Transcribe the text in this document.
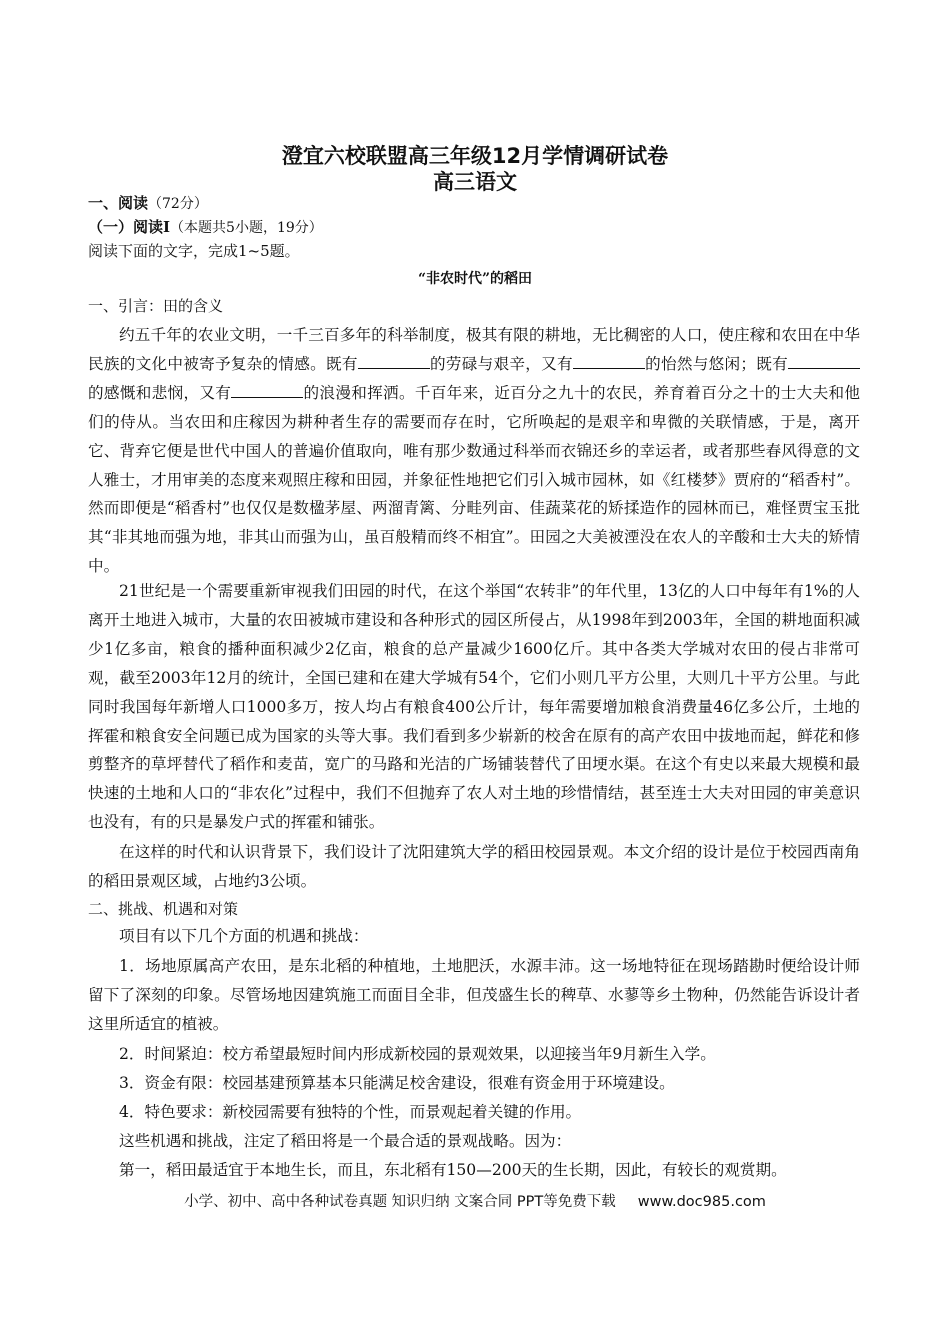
澄宜六校联盟高三年级12月学情调研试卷
高三语文
一、阅读（72分）
（一）阅读Ⅰ（本题共5小题，19分）
阅读下面的文字，完成1~5题。
“非农时代”的稻田
一、引言：田的含义
约五千年的农业文明，一千三百多年的科举制度，极其有限的耕地，无比稠密的人口，使庄稼和农田在中华民族的文化中被寄予复杂的情感。既有	的劳碌与艰辛，又有	的怡然与悠闲；既有的感慨和悲悯，又有	的浪漫和挥洒。千百年来，近百分之九十的农民，养育着百分之十的士大夫和他们的侍从。当农田和庄稼因为耕种者生存的需要而存在时，它所唤起的是艰辛和卑微的关联情感，于是，离开它、背弃它便是世代中国人的普遍价值取向，唯有那少数通过科举而衣锦还乡的幸运者，或者那些春风得意的文人雅士，才用审美的态度来观照庄稼和田园，并象征性地把它们引入城市园林，如《红楼梦》贾府的“稻香村”。然而即便是“稻香村”也仅仅是数楹茅屋、两溜青篱、分畦列亩、佳蔬菜花的矫揉造作的园林而已，难怪贾宝玉批其“非其地而强为地，非其山而强为山，虽百般精而终不相宜”。田园之大美被湮没在农人的辛酸和士大夫的矫情中。
21世纪是一个需要重新审视我们田园的时代，在这个举国“农转非”的年代里，13亿的人口中每年有1%的人离开土地进入城市，大量的农田被城市建设和各种形式的园区所侵占，从1998年到2003年，全国的耕地面积减少1亿多亩，粮食的播种面积减少2亿亩，粮食的总产量减少1600亿斤。其中各类大学城对农田的侵占非常可观，截至2003年12月的统计，全国已建和在建大学城有54个，它们小则几平方公里，大则几十平方公里。与此同时我国每年新增人口1000多万，按人均占有粮食400公斤计，每年需要增加粮食消费量46亿多公斤，土地的挥霍和粮食安全问题已成为国家的头等大事。我们看到多少崭新的校舍在原有的高产农田中拔地而起，鲜花和修剪整齐的草坪替代了稻作和麦苗，宽广的马路和光洁的广场铺装替代了田埂水渠。在这个有史以来最大规模和最快速的土地和人口的“非农化”过程中，我们不但抛弃了农人对土地的珍惜情结，甚至连士大夫对田园的审美意识也没有，有的只是暴发户式的挥霍和铺张。
在这样的时代和认识背景下，我们设计了沈阳建筑大学的稻田校园景观。本文介绍的设计是位于校园西南角的稻田景观区域，占地约3公顷。
二、挑战、机遇和对策
项目有以下几个方面的机遇和挑战：
1．场地原属高产农田，是东北稻的种植地，土地肥沃，水源丰沛。这一场地特征在现场踏勘时便给设计师留下了深刻的印象。尽管场地因建筑施工而面目全非，但茂盛生长的稗草、水蓼等乡土物种，仍然能告诉设计者这里所适宜的植被。
2．时间紧迫：校方希望最短时间内形成新校园的景观效果，以迎接当年9月新生入学。
3．资金有限：校园基建预算基本只能满足校舍建设，很难有资金用于环境建设。
4．特色要求：新校园需要有独特的个性，而景观起着关键的作用。
这些机遇和挑战，注定了稻田将是一个最合适的景观战略。因为：
第一，稻田最适宜于本地生长，而且，东北稻有150—200天的生长期，因此，有较长的观赏期。
小学、初中、高中各种试卷真题 知识归纳 文案合同 PPT等免费下载 www.doc985.com
